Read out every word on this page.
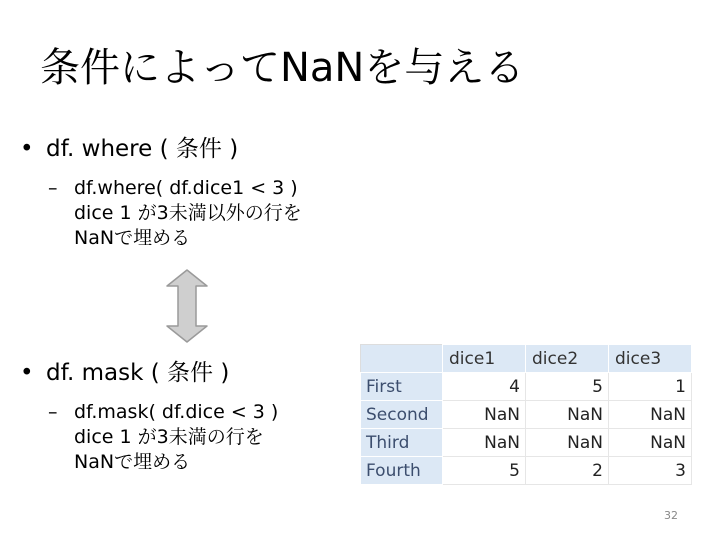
条件によってNaNを与える
• df. where ( 条件 )
– df.where( df.dice1 < 3 )
dice 1 が3未満以外の行を
NaNで埋める
• df. mask ( 条件 )
– df.mask( df.dice < 3 )
dice 1 が3未満の行を
NaNで埋める
	dice1	dice2	dice3
First	4	5	1
Second	NaN	NaN	NaN
Third	NaN	NaN	NaN
Fourth	5	2	3
32
